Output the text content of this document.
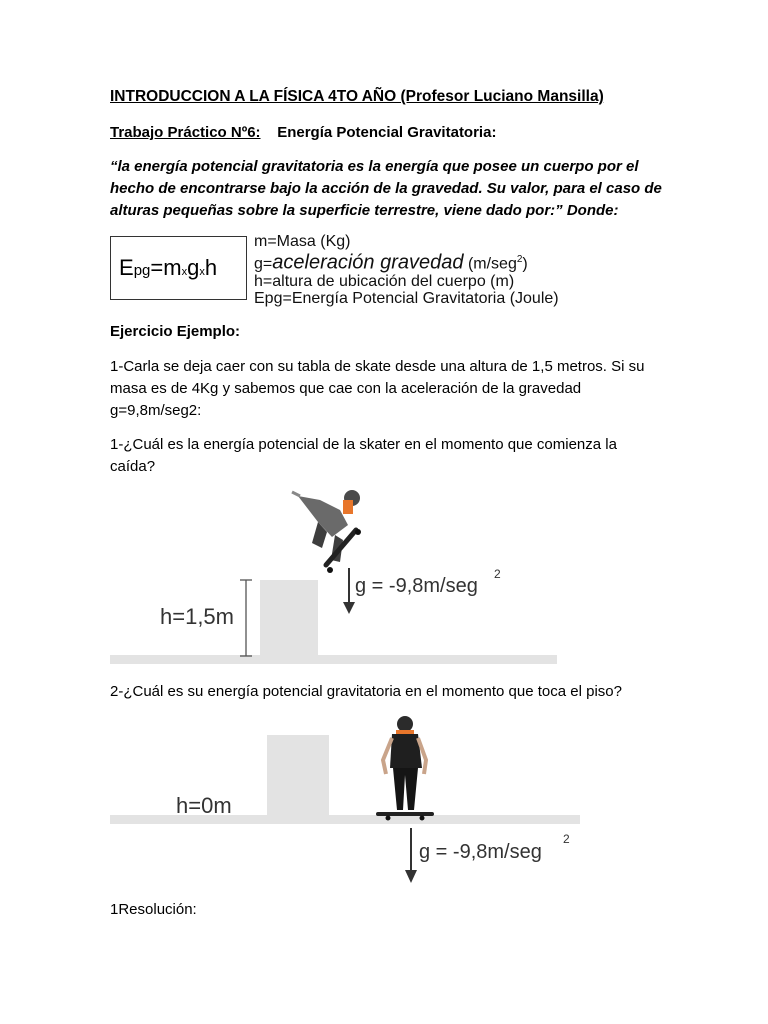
INTRODUCCION A LA FÍSICA 4TO AÑO (Profesor Luciano Mansilla)
Trabajo Práctico Nº6: Energía Potencial Gravitatoria:
“la energía potencial gravitatoria es la energía que posee un cuerpo por el
hecho de encontrarse bajo la acción de la gravedad. Su valor, para el caso de
alturas pequeñas sobre la superficie terrestre, viene dado por:” Donde:
Epg=mxgxh
m=Masa (Kg)
g=aceleración gravedad (m/seg$^2$)
h=altura de ubicación del cuerpo (m)
Epg=Energía Potencial Gravitatoria (Joule)
Ejercicio Ejemplo:
1-Carla se deja caer con su tabla de skate desde una altura de 1,5 metros. Si su
masa es de 4Kg y sabemos que cae con la aceleración de la gravedad
g=9,8m/seg2:
1-¿Cuál es la energía potencial de la skater en el momento que comienza la
caída?
h=1,5m
g = -9,8m/seg
2
2-¿Cuál es su energía potencial gravitatoria en el momento que toca el piso?
h=0m
g = -9,8m/seg
2
1Resolución:
